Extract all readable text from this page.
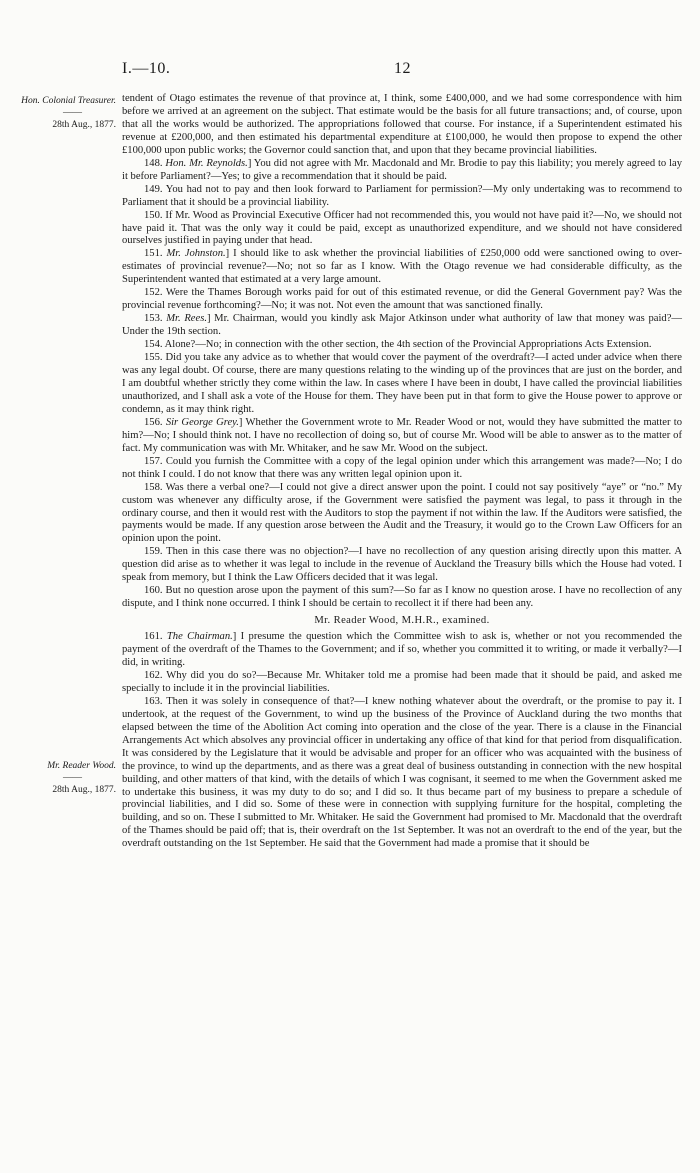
I.—10.	12
Hon. Colonial Treasurer.
——
28th Aug., 1877.
Mr. Reader Wood.
——
28th Aug., 1877.

tendent of Otago estimates the revenue of that province at, I think, some £400,000, and we had some correspondence with him before we arrived at an agreement on the subject. That estimate would be the basis for all future transactions; and, of course, upon that all the works would be authorized. The appropriations followed that course. For instance, if a Superintendent estimated his revenue at £200,000, and then estimated his departmental expenditure at £100,000, he would then propose to expend the other £100,000 upon public works; the Governor could sanction that, and upon that they became provincial liabilities.

148. Hon. Mr. Reynolds.] You did not agree with Mr. Macdonald and Mr. Brodie to pay this liability; you merely agreed to lay it before Parliament?—Yes; to give a recommendation that it should be paid.

149. You had not to pay and then look forward to Parliament for permission?—My only undertaking was to recommend to Parliament that it should be a provincial liability.

150. If Mr. Wood as Provincial Executive Officer had not recommended this, you would not have paid it?—No, we should not have paid it. That was the only way it could be paid, except as unauthorized expenditure, and we should not have considered ourselves justified in paying under that head.

151. Mr. Johnston.] I should like to ask whether the provincial liabilities of £250,000 odd were sanctioned owing to over-estimates of provincial revenue?—No; not so far as I know. With the Otago revenue we had considerable difficulty, as the Superintendent wanted that estimated at a very large amount.

152. Were the Thames Borough works paid for out of this estimated revenue, or did the General Government pay? Was the provincial revenue forthcoming?—No; it was not. Not even the amount that was sanctioned finally.

153. Mr. Rees.] Mr. Chairman, would you kindly ask Major Atkinson under what authority of law that money was paid?—Under the 19th section.

154. Alone?—No; in connection with the other section, the 4th section of the Provincial Appropriations Acts Extension.

155. Did you take any advice as to whether that would cover the payment of the overdraft?—I acted under advice when there was any legal doubt. Of course, there are many questions relating to the winding up of the provinces that are just on the border, and I am doubtful whether strictly they come within the law. In cases where I have been in doubt, I have called the provincial liabilities unauthorized, and I shall ask a vote of the House for them. They have been put in that form to give the House power to approve or condemn, as it may think right.

156. Sir George Grey.] Whether the Government wrote to Mr. Reader Wood or not, would they have submitted the matter to him?—No; I should think not. I have no recollection of doing so, but of course Mr. Wood will be able to answer as to the matter of fact. My communication was with Mr. Whitaker, and he saw Mr. Wood on the subject.

157. Could you furnish the Committee with a copy of the legal opinion under which this arrangement was made?—No; I do not think I could. I do not know that there was any written legal opinion upon it.

158. Was there a verbal one?—I could not give a direct answer upon the point. I could not say positively “aye” or “no.” My custom was whenever any difficulty arose, if the Government were satisfied the payment was legal, to pass it through in the ordinary course, and then it would rest with the Auditors to stop the payment if not within the law. If the Auditors were satisfied, the payments would be made. If any question arose between the Audit and the Treasury, it would go to the Crown Law Officers for an opinion upon the point.

159. Then in this case there was no objection?—I have no recollection of any question arising directly upon this matter. A question did arise as to whether it was legal to include in the revenue of Auckland the Treasury bills which the House had voted. I speak from memory, but I think the Law Officers decided that it was legal.

160. But no question arose upon the payment of this sum?—So far as I know no question arose. I have no recollection of any dispute, and I think none occurred. I think I should be certain to recollect it if there had been any.

Mr. Reader Wood, M.H.R., examined.

161. The Chairman.] I presume the question which the Committee wish to ask is, whether or not you recommended the payment of the overdraft of the Thames to the Government; and if so, whether you committed it to writing, or made it verbally?—I did, in writing.

162. Why did you do so?—Because Mr. Whitaker told me a promise had been made that it should be paid, and asked me specially to include it in the provincial liabilities.

163. Then it was solely in consequence of that?—I knew nothing whatever about the overdraft, or the promise to pay it. I undertook, at the request of the Government, to wind up the business of the Province of Auckland during the two months that elapsed between the time of the Abolition Act coming into operation and the close of the year. There is a clause in the Financial Arrangements Act which absolves any provincial officer in undertaking any office of that kind for that period from disqualification. It was considered by the Legislature that it would be advisable and proper for an officer who was acquainted with the business of the province, to wind up the departments, and as there was a great deal of business outstanding in connection with the new hospital building, and other matters of that kind, with the details of which I was cognisant, it seemed to me when the Government asked me to undertake this business, it was my duty to do so; and I did so. It thus became part of my business to prepare a schedule of provincial liabilities, and I did so. Some of these were in connection with supplying furniture for the hospital, completing the building, and so on. These I submitted to Mr. Whitaker. He said the Government had promised to Mr. Macdonald that the overdraft of the Thames should be paid off; that is, their overdraft on the 1st September. It was not an overdraft to the end of the year, but the overdraft outstanding on the 1st September. He said that the Government had made a promise that it should be
